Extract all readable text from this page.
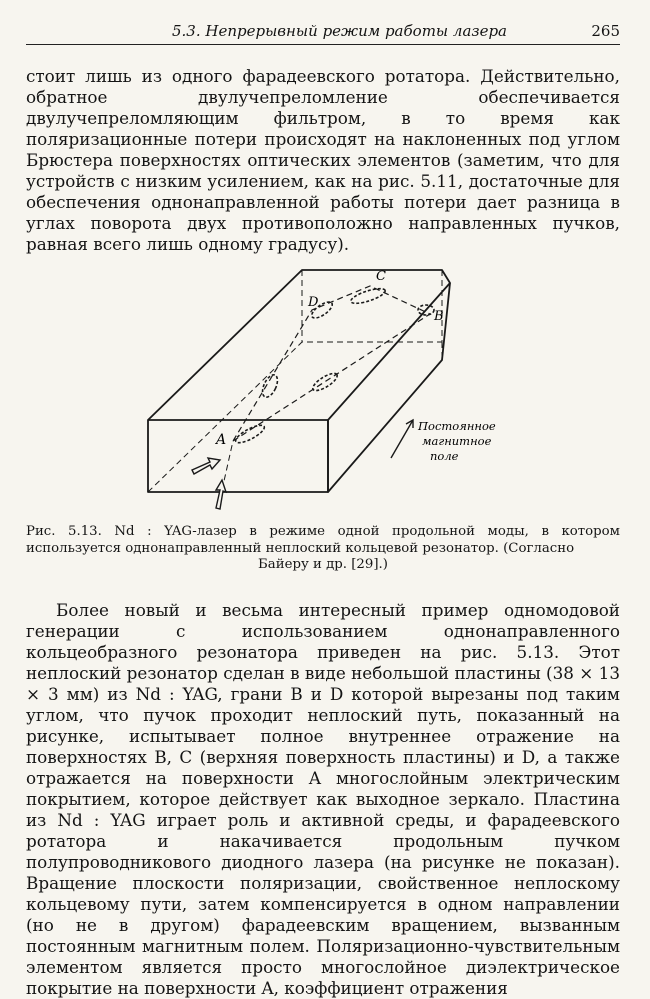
5.3. Непрерывный режим работы лазера	265

стоит лишь из одного фарадеевского ротатора. Действительно, обратное двулучепреломление обеспечивается двулучепреломляющим фильтром, в то время как поляризационные потери происходят на наклоненных под углом Брюстера поверхностях оптических элементов (заметим, что для устройств с низким усилением, как на рис. 5.11, достаточные для обеспечения однонаправленной работы потери дает разница в углах поворота двух противоположно направленных пучков, равная всего лишь одному градусу).

A
B
C
D
Постоянное
магнитное
поле

Рис. 5.13. Nd : YAG-лазер в режиме одной продольной моды, в котором используется однонаправленный неплоский кольцевой резонатор. (Согласно
Байеру и др. [29].)

Более новый и весьма интересный пример одномодовой генерации с использованием однонаправленного кольцеобразного резонатора приведен на рис. 5.13. Этот неплоский резонатор сделан в виде небольшой пластины (38 × 13 × 3 мм) из Nd : YAG, грани B и D которой вырезаны под таким углом, что пучок проходит неплоский путь, показанный на рисунке, испытывает полное внутреннее отражение на поверхностях B, C (верхняя поверхность пластины) и D, а также отражается на поверхности A многослойным электрическим покрытием, которое действует как выходное зеркало. Пластина из Nd : YAG играет роль и активной среды, и фарадеевского ротатора и накачивается продольным пучком полупроводникового диодного лазера (на рисунке не показан). Вращение плоскости поляризации, свойственное неплоскому кольцевому пути, затем компенсируется в одном направлении (но не в другом) фарадеевским вращением, вызванным постоянным магнитным полем. Поляризационно-чувствительным элементом является просто многослойное диэлектрическое покрытие на поверхности A, коэффициент отражения
